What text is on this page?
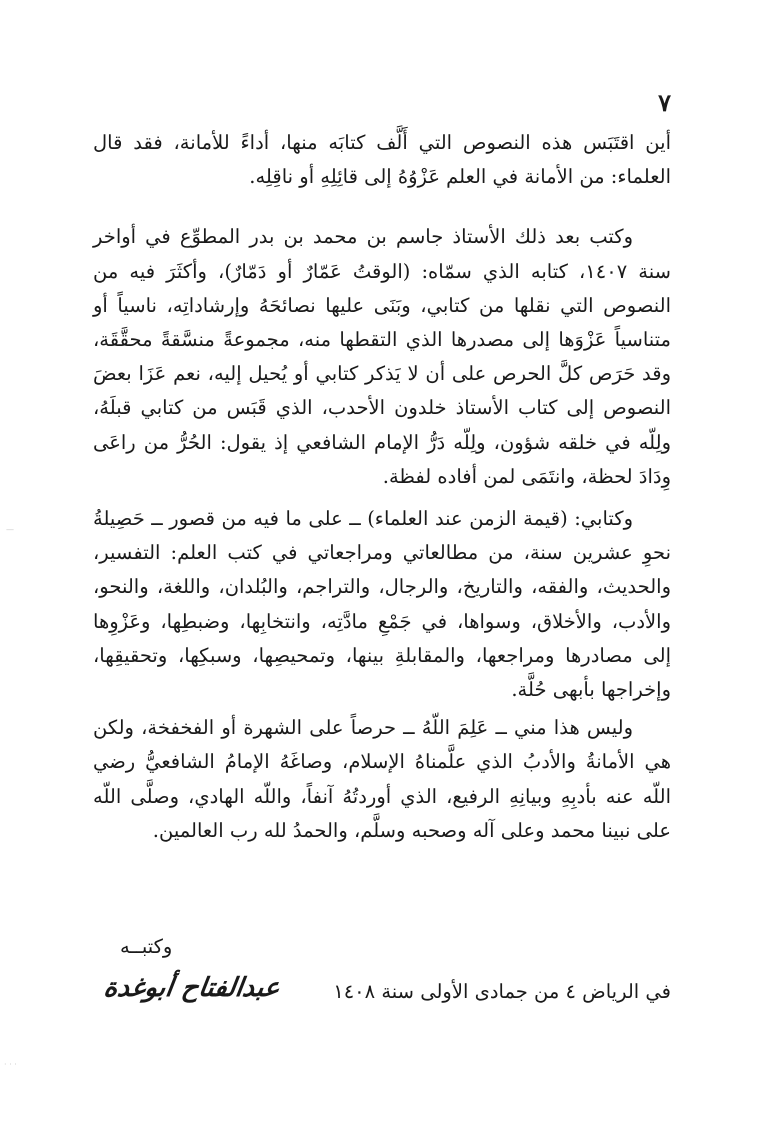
٧

أين اقتَبَس هذه النصوص التي أَلَّف كتابَه منها، أداءً للأمانة، فقد قال العلماء: من الأمانة في العلم عَزْوُهُ إلى قائِلِهِ أو ناقِلِه.

وكتب بعد ذلك الأستاذ جاسم بن محمد بن بدر المطوِّع في أواخر سنة ١٤٠٧، كتابه الذي سمّاه: (الوقتُ عَمّارٌ أو دَمّارٌ)، وأكثَرَ فيه من النصوص التي نقلها من كتابي، وبَنَى عليها نصائحَهُ وإرشاداتِه، ناسياً أو متناسياً عَزْوَها إلى مصدرها الذي التقطها منه، مجموعةً منسَّقةً محقَّقَة، وقد حَرَص كلَّ الحرص على أن لا يَذكر كتابي أو يُحيل إليه، نعم عَزَا بعضَ النصوص إلى كتاب الأستاذ خلدون الأحدب، الذي قَبَس من كتابي قبلَهُ، ولِلّه في خلقه شؤون، ولِلّه دَرُّ الإمام الشافعي إذ يقول: الحُرُّ من راعَى وِدَادَ لحظة، وانتَمَى لمن أفاده لفظة.

وكتابي: (قيمة الزمن عند العلماء) ــ على ما فيه من قصور ــ حَصِيلةُ نحوِ عشرين سنة، من مطالعاتي ومراجعاتي في كتب العلم: التفسير، والحديث، والفقه، والتاريخ، والرجال، والتراجم، والبُلدان، واللغة، والنحو، والأدب، والأخلاق، وسواها، في جَمْعِ مادَّتِه، وانتخابِها، وضبطِها، وعَزْوِها إلى مصادرها ومراجعها، والمقابلةِ بينها، وتمحيصِها، وسبكِها، وتحقيقِها، وإخراجها بأبهى حُلَّة.

وليس هذا مني ــ عَلِمَ اللّهُ ــ حرصاً على الشهرة أو الفخفخة، ولكن هي الأمانةُ والأدبُ الذي علَّمناهُ الإسلام، وصاغَهُ الإمامُ الشافعيُّ رضي اللّه عنه بأدبِهِ وبيانِهِ الرفيع، الذي أوردتُهُ آنفاً، واللّه الهادي، وصلَّى اللّه على نبينا محمد وعلى آله وصحبه وسلَّم، والحمدُ لله رب العالمين.

وكتبــه
في الرياض ٤ من جمادى الأولى سنة ١٤٠٨
عبدالفتاح أبوغدة
—
· · ·
